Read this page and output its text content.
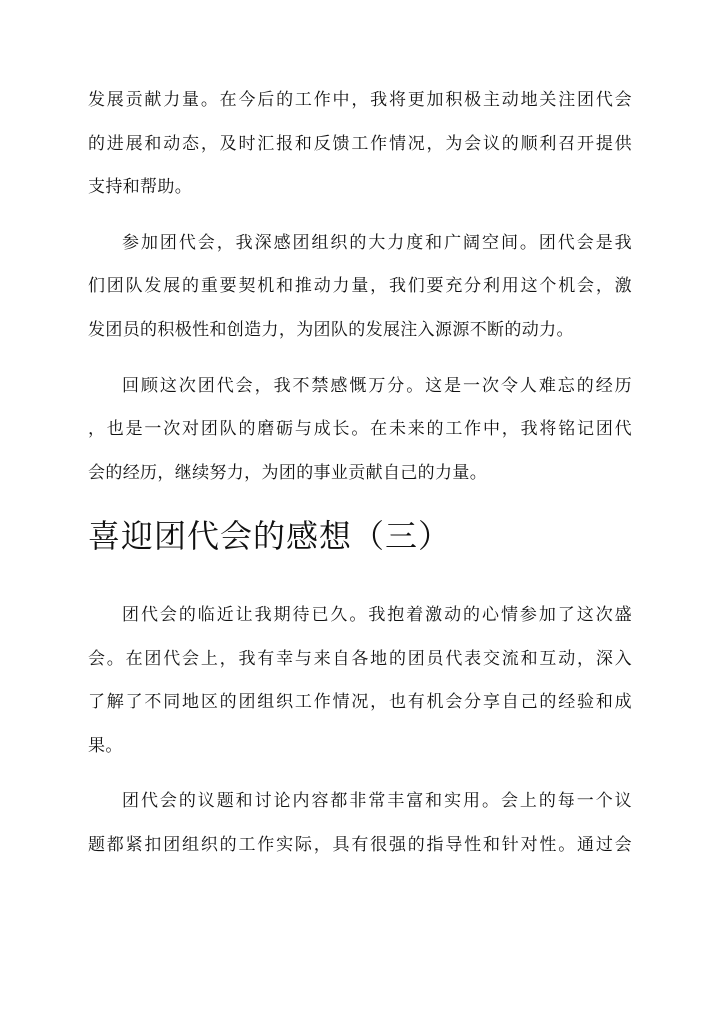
发展贡献力量。在今后的工作中，我将更加积极主动地关注团代会
的进展和动态，及时汇报和反馈工作情况，为会议的顺利召开提供
支持和帮助。
参加团代会，我深感团组织的大力度和广阔空间。团代会是我
们团队发展的重要契机和推动力量，我们要充分利用这个机会，激
发团员的积极性和创造力，为团队的发展注入源源不断的动力。
回顾这次团代会，我不禁感慨万分。这是一次令人难忘的经历
，也是一次对团队的磨砺与成长。在未来的工作中，我将铭记团代
会的经历，继续努力，为团的事业贡献自己的力量。
喜迎团代会的感想（三）
团代会的临近让我期待已久。我抱着激动的心情参加了这次盛
会。在团代会上，我有幸与来自各地的团员代表交流和互动，深入
了解了不同地区的团组织工作情况，也有机会分享自己的经验和成
果。
团代会的议题和讨论内容都非常丰富和实用。会上的每一个议
题都紧扣团组织的工作实际，具有很强的指导性和针对性。通过会
